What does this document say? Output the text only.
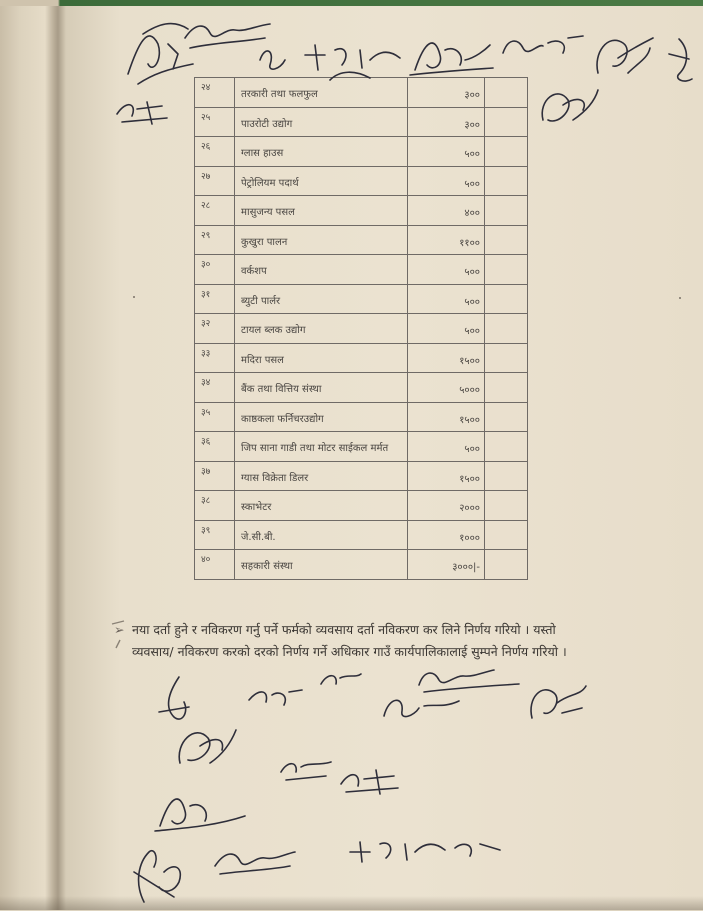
२४	तरकारी तथा फलफुल	३००	
२५	पाउरोटी उद्योग	३००	
२६	ग्लास हाउस	५००	
२७	पेट्रोलियम पदार्थ	५००	
२८	मासुजन्य पसल	४००	
२९	कुखुरा पालन	११००	
३०	वर्कशप	५००	
३१	ब्युटी पार्लर	५००	
३२	टायल ब्लक उद्योग	५००	
३३	मदिरा पसल	१५००	
३४	बैंक तथा वित्तिय संस्था	५०००	
३५	काष्ठकला फर्निचरउद्योग	१५००	
३६	जिप साना गाडी तथा मोटर साईकल मर्मत	५००	
३७	ग्यास विक्रेता डिलर	१५००	
३८	स्काभेटर	२०००	
३९	जे.सी.बी.	१०००	
४०	सहकारी संस्था	३०००|-	
➢ नया दर्ता हुने र नविकरण गर्नु पर्ने फर्मको व्यवसाय दर्ता नविकरण कर लिने निर्णय गरियो । यस्तो
व्यवसाय/ नविकरण करको दरको निर्णय गर्ने अधिकार गाउँ कार्यपालिकालाई सुम्पने निर्णय गरियो ।
